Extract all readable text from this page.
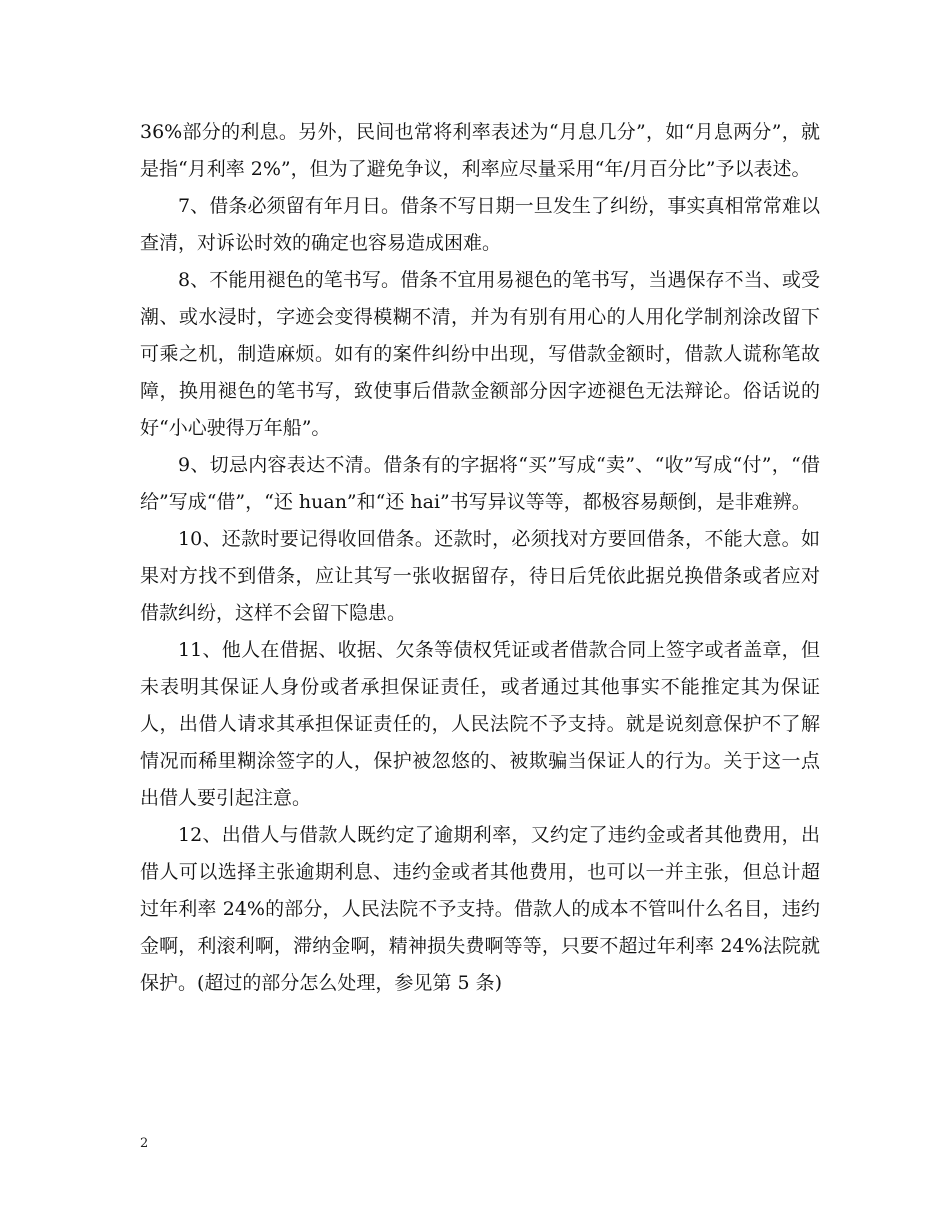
36%部分的利息。另外，民间也常将利率表述为“月息几分”，如“月息两分”，就是指“月利率 2%”，但为了避免争议，利率应尽量采用“年/月百分比”予以表述。

7、借条必须留有年月日。借条不写日期一旦发生了纠纷，事实真相常常难以查清，对诉讼时效的确定也容易造成困难。

8、不能用褪色的笔书写。借条不宜用易褪色的笔书写，当遇保存不当、或受潮、或水浸时，字迹会变得模糊不清，并为有别有用心的人用化学制剂涂改留下可乘之机，制造麻烦。如有的案件纠纷中出现，写借款金额时，借款人谎称笔故障，换用褪色的笔书写，致使事后借款金额部分因字迹褪色无法辩论。俗话说的好“小心驶得万年船”。

9、切忌内容表达不清。借条有的字据将“买”写成“卖”、“收”写成“付”，“借给”写成“借”，“还 huan”和“还 hai”书写异议等等，都极容易颠倒，是非难辨。

10、还款时要记得收回借条。还款时，必须找对方要回借条，不能大意。如果对方找不到借条，应让其写一张收据留存，待日后凭依此据兑换借条或者应对借款纠纷，这样不会留下隐患。

11、他人在借据、收据、欠条等债权凭证或者借款合同上签字或者盖章，但未表明其保证人身份或者承担保证责任，或者通过其他事实不能推定其为保证人，出借人请求其承担保证责任的，人民法院不予支持。就是说刻意保护不了解情况而稀里糊涂签字的人，保护被忽悠的、被欺骗当保证人的行为。关于这一点出借人要引起注意。

12、出借人与借款人既约定了逾期利率，又约定了违约金或者其他费用，出借人可以选择主张逾期利息、违约金或者其他费用，也可以一并主张，但总计超过年利率 24%的部分，人民法院不予支持。借款人的成本不管叫什么名目，违约金啊，利滚利啊，滞纳金啊，精神损失费啊等等，只要不超过年利率 24%法院就保护。(超过的部分怎么处理，参见第 5 条)

2
